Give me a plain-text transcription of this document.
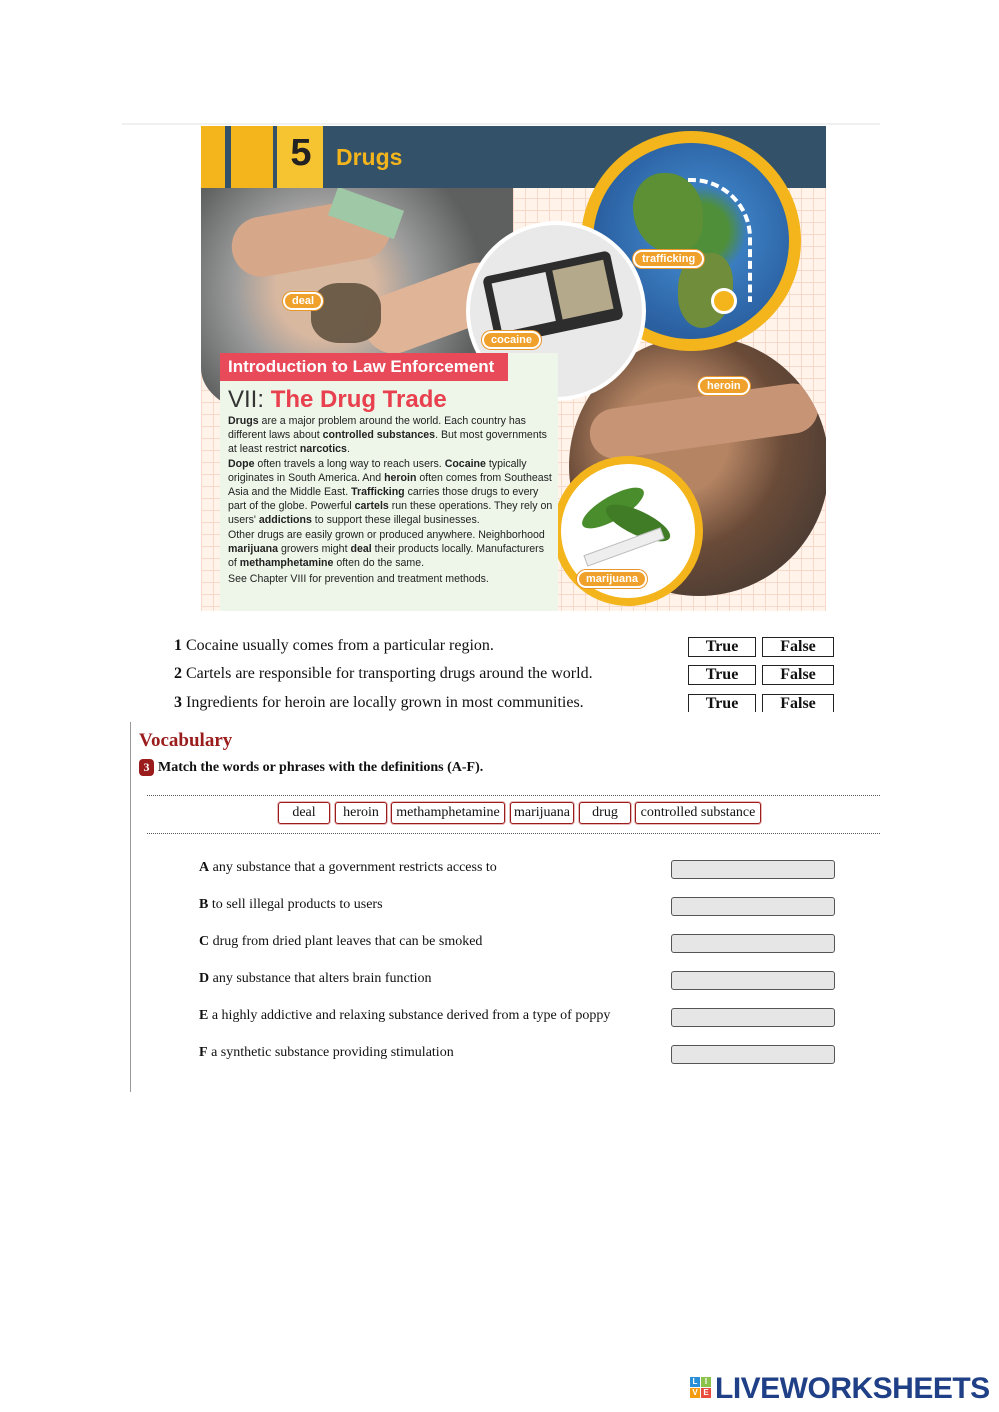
5	Drugs
deal
cocaine
trafficking
heroin
marijuana
Introduction to Law Enforcement
VII: The Drug Trade

Drugs are a major problem around the world. Each country has different laws about controlled substances. But most governments at least restrict narcotics.

Dope often travels a long way to reach users. Cocaine typically originates in South America. And heroin often comes from Southeast Asia and the Middle East. Trafficking carries those drugs to every part of the globe. Powerful cartels run these operations. They rely on users' addictions to support these illegal businesses.

Other drugs are easily grown or produced anywhere. Neighborhood marijuana growers might deal their products locally. Manufacturers of methamphetamine often do the same.

See Chapter VIII for prevention and treatment methods.

1 Cocaine usually comes from a particular region.	True	False
2 Cartels are responsible for transporting drugs around the world.	True	False
3 Ingredients for heroin are locally grown in most communities.	True	False
Vocabulary
3 Match the words or phrases with the definitions (A-F).
deal	heroin	methamphetamine	marijuana	drug	controlled substance
A any substance that a government restricts access to
B to sell illegal products to users
C drug from dried plant leaves that can be smoked
D any substance that alters brain function
E a highly addictive and relaxing substance derived from a type of poppy
F a synthetic substance providing stimulation
L I
V E LIVEWORKSHEETS
